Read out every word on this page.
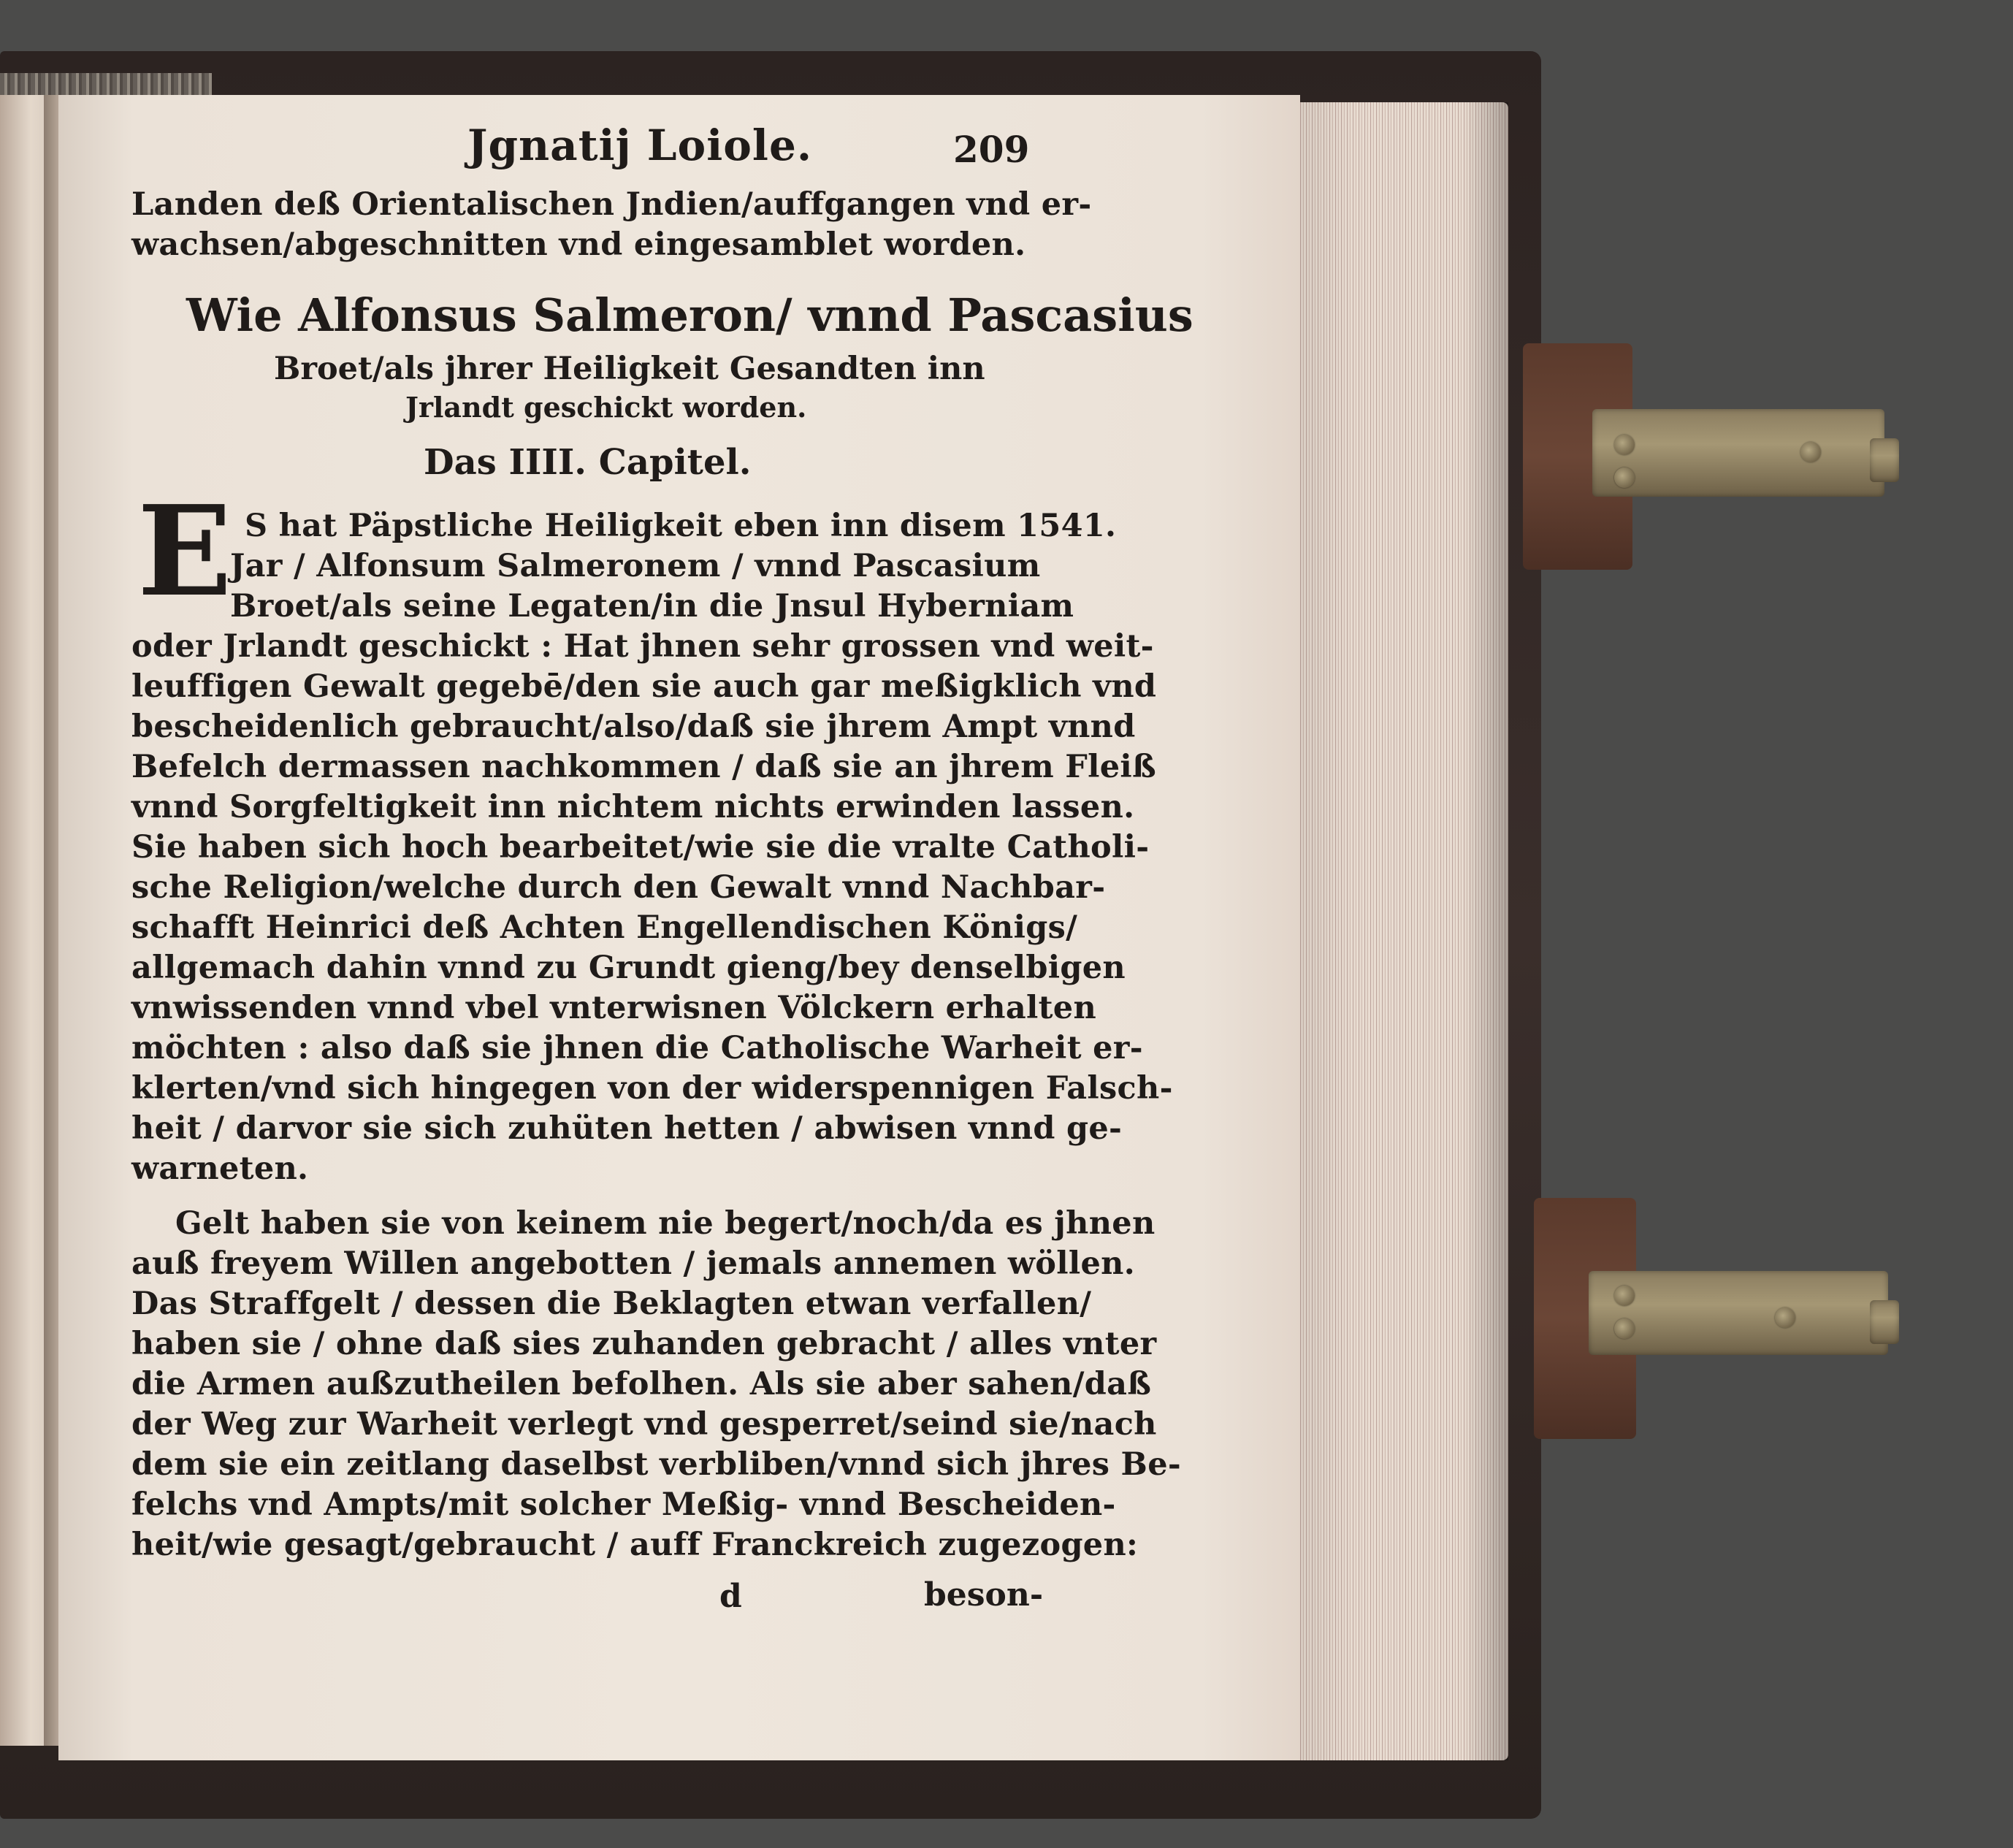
Jgnatij Loiole.	209
Landen deß Orientalischen Jndien/auffgangen vnd er-
wachsen/abgeschnitten vnd eingesamblet worden.
Wie Alfonsus Salmeron/ vnnd Pascasius
Broet/als jhrer Heiligkeit Gesandten inn
Jrlandt geschickt worden.
Das IIII. Capitel.
E S hat Päpstliche Heiligkeit eben inn disem 1541.
Jar / Alfonsum Salmeronem / vnnd Pascasium
Broet/als seine Legaten/in die Jnsul Hyberniam
oder Jrlandt geschickt : Hat jhnen sehr grossen vnd weit-
leuffigen Gewalt gegebē/den sie auch gar meßigklich vnd
bescheidenlich gebraucht/also/daß sie jhrem Ampt vnnd
Befelch dermassen nachkommen / daß sie an jhrem Fleiß
vnnd Sorgfeltigkeit inn nichtem nichts erwinden lassen.
Sie haben sich hoch bearbeitet/wie sie die vralte Catholi-
sche Religion/welche durch den Gewalt vnnd Nachbar-
schafft Heinrici deß Achten Engellendischen Königs/
allgemach dahin vnnd zu Grundt gieng/bey denselbigen
vnwissenden vnnd vbel vnterwisnen Völckern erhalten
möchten : also daß sie jhnen die Catholische Warheit er-
klerten/vnd sich hingegen von der widerspennigen Falsch-
heit / darvor sie sich zuhüten hetten / abwisen vnnd ge-
warneten.
Gelt haben sie von keinem nie begert/noch/da es jhnen
auß freyem Willen angebotten / jemals annemen wöllen.
Das Straffgelt / dessen die Beklagten etwan verfallen/
haben sie / ohne daß sies zuhanden gebracht / alles vnter
die Armen außzutheilen befolhen. Als sie aber sahen/daß
der Weg zur Warheit verlegt vnd gesperret/seind sie/nach
dem sie ein zeitlang daselbst verbliben/vnnd sich jhres Be-
felchs vnd Ampts/mit solcher Meßig- vnnd Bescheiden-
heit/wie gesagt/gebraucht / auff Franckreich zugezogen:
d	beson-
